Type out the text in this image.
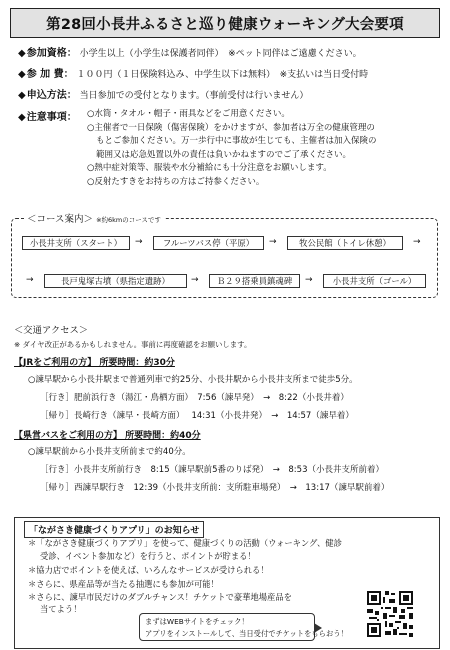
第28回小長井ふるさと巡り健康ウォーキング大会要項
◆ 参加資格： 小学生以上（小学生は保護者同伴）　※ペット同伴はご遠慮ください。
◆ 参 加 費： １００円（１日保険料込み、中学生以下は無料）　※支払いは当日受付時
◆ 申込方法： 当日参加での受付となります。（事前受付は行いません）
◆ 注意事項： ○水筒・タオル・帽子・雨具などをご用意ください。
○主催者で一日保険（傷害保険）をかけますが、参加者は万全の健康管理の
もとご参加ください。万一歩行中に事故が生じても、主催者は加入保険の
範囲又は応急処置以外の責任は負いかねますのでご了承ください。
○熱中症対策等、服装や水分補給にも十分注意をお願いします。
○反射たすきをお持ちの方はご持参ください。
＜コース案内＞ ※約6kmのコースです
小長井支所（スタート）	→	フルーツバス停（平原）	→	牧公民館（トイレ休憩）	→
→	長戸鬼塚古墳（県指定遺跡）	→	Ｂ２９搭乗員鎮魂碑	→	小長井支所（ゴール）
＜交通アクセス＞
※ ダイヤ改正があるかもしれません。事前に再度確認をお願いします。
【JRをご利用の方】 所要時間：約30分
○諫早駅から小長井駅まで普通列車で約25分、小長井駅から小長井支所まで徒歩5分。
［行き］肥前浜行き（湯江・鳥栖方面）　7:56（諫早発）　→　8:22（小長井着）
［帰り］長崎行き（諫早・長崎方面）　 14:31（小長井発）　→　14:57（諫早着）
【県営バスをご利用の方】 所要時間：約40分
○諫早駅前から小長井支所前まで約40分。
［行き］小長井支所前行き　8:15（諫早駅前5番のりば発）　→　8:53（小長井支所前着）
［帰り］西諫早駅行き　12:39（小長井支所前：支所駐車場発）　→　13:17（諫早駅前着）
「ながさき健康づくりアプリ」のお知らせ
＊「ながさき健康づくりアプリ」を使って、健康づくりの活動（ウォーキング、健診
受診、イベント参加など）を行うと、ポイントが貯まる！
＊協力店でポイントを使えば、いろんなサービスが受けられる！
＊さらに、県産品等が当たる抽選にも参加が可能！
＊さらに、諫早市民だけのダブルチャンス！チケットで豪華地場産品を
当てよう！
まずはWEBサイトをチェック！
アプリをインストールして、当日受付でチケットをもらおう！
